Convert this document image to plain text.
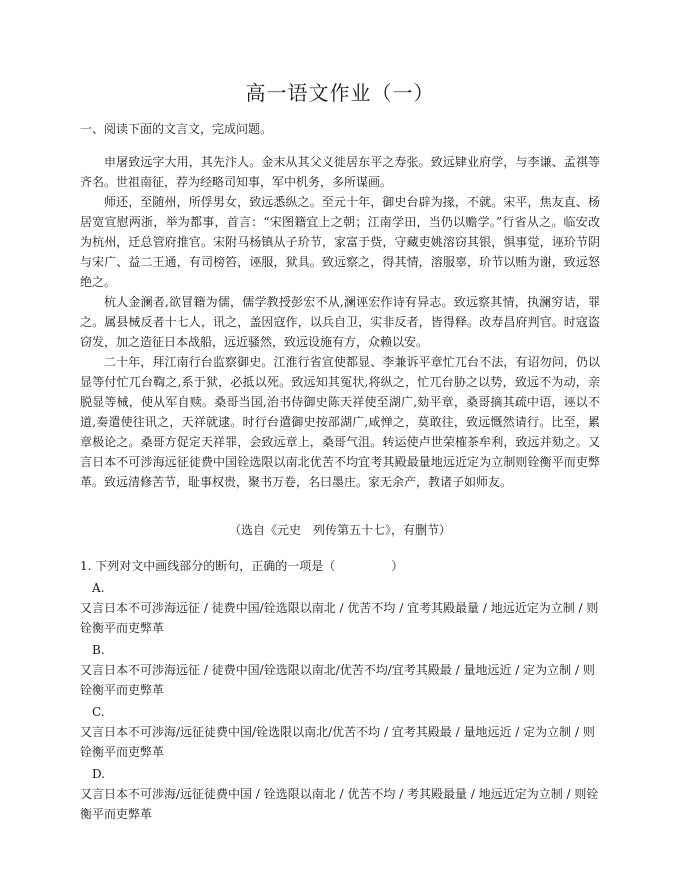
高一语文作业（一）
一、阅读下面的文言文，完成问题。

申屠致远字大用，其先汴人。金末从其父义徙居东平之寿张。致远肄业府学，与李谦、孟祺等齐名。世祖南征，荐为经略司知事，军中机务，多所谋画。

师还，至随州，所俘男女，致远悉纵之。至元十年，御史台辟为掾，不就。宋平，焦友直、杨居宽宣慰两浙，举为都事，首言：“宋图籍宜上之朝；江南学田，当仍以赡学。”行省从之。临安改为杭州，迁总管府推官。宋附马杨镇从子玠节，家富于赀，守藏吏姚溶窃其银，惧事觉，诬玠节阴与宋广、益二王通，有司榜笞，诬服，狱具。致远察之，得其情，溶服辜，玠节以贿为谢，致远怒绝之。

杭人金澜者,欲冒籍为儒，儒学教授彭宏不从,澜诬宏作诗有异志。致远察其情，执澜穷诘，罪之。属县械反者十七人，讯之，盖因寇作，以兵自卫，实非反者，皆得释。改寿昌府判官。时寇盗窃发，加之造征日本战船，远近骚然，致远设施有方，众赖以安。

二十年，拜江南行台监察御史。江淮行省宣使都显、李兼诉平章忙兀台不法，有诏勿问，仍以显等付忙兀台鞫之,系于狱，必抵以死。致远知其冤状,将纵之，忙兀台胁之以势，致远不为动，亲脱显等械，使从军自赎。桑哥当国,治书侍御史陈天祥使至湖广,劾平章，桑哥摘其疏中语，诬以不道,奏遣使往讯之，天祥就逮。时行台遣御史按部湖广,咸惮之，莫敢往，致远慨然请行。比至，累章极论之。桑哥方促定天祥罪，会致远章上，桑哥气沮。转运使卢世荣榷茶牟利，致远并劾之。又言日本不可涉海远征徒费中国铨选限以南北优苦不均宜考其殿最量地远近定为立制则铨衡平而吏弊革。致远清修苦节，耻事权贵，聚书万卷，名曰墨庄。家无余产，教诸子如师友。

（选自《元史　列传第五十七》，有删节）

1. 下列对文中画线部分的断句，正确的一项是（	）

A.

又言日本不可涉海远征 / 徒费中国/铨选限以南北 / 优苦不均 / 宜考其殿最量 / 地远近定为立制 / 则铨衡平而吏弊革

B.

又言日本不可涉海远征 / 徒费中国/铨选限以南北/优苦不均/宜考其殿最 / 量地远近 / 定为立制 / 则铨衡平而吏弊革

C.

又言日本不可涉海/远征徒费中国/铨选限以南北/优苦不均 / 宜考其殿最 / 量地远近 / 定为立制 / 则铨衡平而吏弊革

D.

又言日本不可涉海/远征徒费中国 / 铨选限以南北 / 优苦不均 / 考其殿最量 / 地远近定为立制 / 则铨衡平而吏弊革
